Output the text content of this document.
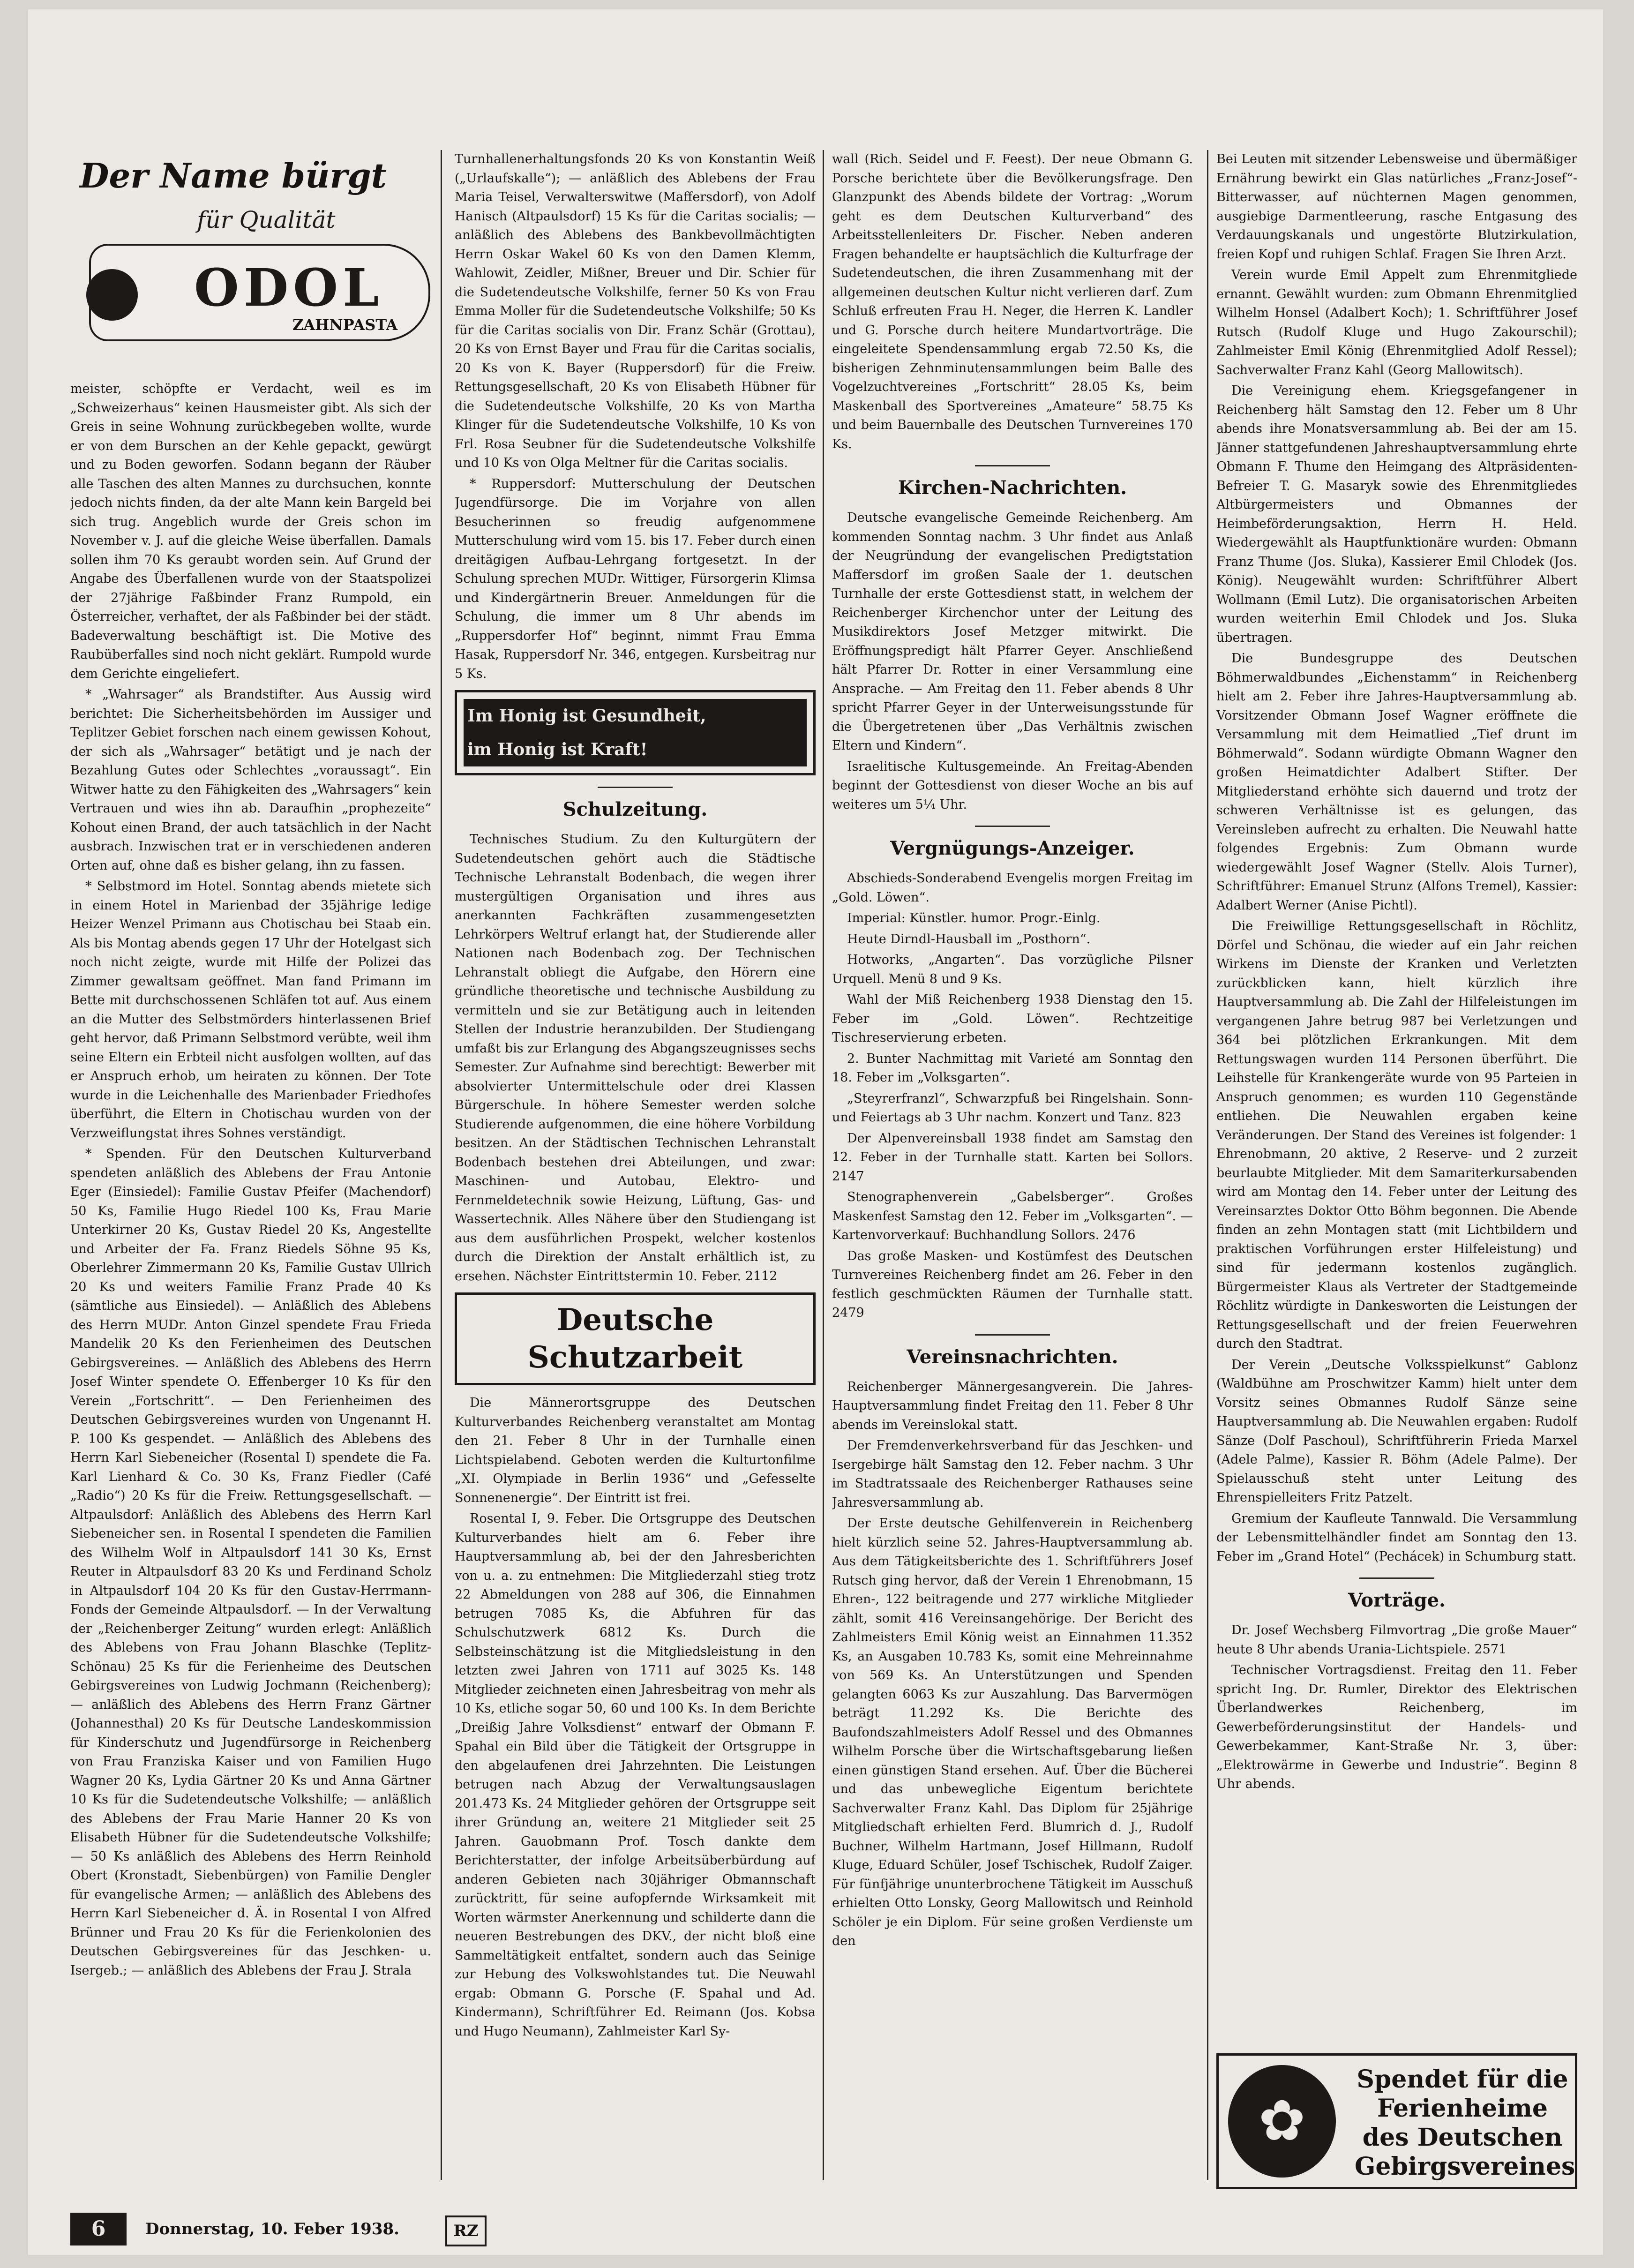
Der Name bürgt
für Qualität
ODOL
ZAHNPASTA

meister, schöpfte er Verdacht, weil es im „Schweizerhaus“ keinen Hausmeister gibt. Als sich der Greis in seine Wohnung zurückbegeben wollte, wurde er von dem Burschen an der Kehle gepackt, gewürgt und zu Boden geworfen. Sodann begann der Räuber alle Taschen des alten Mannes zu durchsuchen, konnte jedoch nichts finden, da der alte Mann kein Bargeld bei sich trug. Angeblich wurde der Greis schon im November v. J. auf die gleiche Weise überfallen. Damals sollen ihm 70 Ks geraubt worden sein. Auf Grund der Angabe des Überfallenen wurde von der Staatspolizei der 27jährige Faßbinder Franz Rumpold, ein Österreicher, verhaftet, der als Faßbinder bei der städt. Badeverwaltung beschäftigt ist. Die Motive des Raubüberfalles sind noch nicht geklärt. Rumpold wurde dem Gerichte eingeliefert.

* „Wahrsager“ als Brandstifter. Aus Aussig wird berichtet: Die Sicherheitsbehörden im Aussiger und Teplitzer Gebiet forschen nach einem gewissen Kohout, der sich als „Wahrsager“ betätigt und je nach der Bezahlung Gutes oder Schlechtes „voraussagt“. Ein Witwer hatte zu den Fähigkeiten des „Wahrsagers“ kein Vertrauen und wies ihn ab. Daraufhin „prophezeite“ Kohout einen Brand, der auch tatsächlich in der Nacht ausbrach. Inzwischen trat er in verschiedenen anderen Orten auf, ohne daß es bisher gelang, ihn zu fassen.

* Selbstmord im Hotel. Sonntag abends mietete sich in einem Hotel in Marienbad der 35jährige ledige Heizer Wenzel Primann aus Chotischau bei Staab ein. Als bis Montag abends gegen 17 Uhr der Hotelgast sich noch nicht zeigte, wurde mit Hilfe der Polizei das Zimmer gewaltsam geöffnet. Man fand Primann im Bette mit durchschossenen Schläfen tot auf. Aus einem an die Mutter des Selbstmörders hinterlassenen Brief geht hervor, daß Primann Selbstmord verübte, weil ihm seine Eltern ein Erbteil nicht ausfolgen wollten, auf das er Anspruch erhob, um heiraten zu können. Der Tote wurde in die Leichenhalle des Marienbader Friedhofes überführt, die Eltern in Chotischau wurden von der Verzweiflungstat ihres Sohnes verständigt.

* Spenden. Für den Deutschen Kulturverband spendeten anläßlich des Ablebens der Frau Antonie Eger (Einsiedel): Familie Gustav Pfeifer (Machendorf) 50 Ks, Familie Hugo Riedel 100 Ks, Frau Marie Unterkirner 20 Ks, Gustav Riedel 20 Ks, Angestellte und Arbeiter der Fa. Franz Riedels Söhne 95 Ks, Oberlehrer Zimmermann 20 Ks, Familie Gustav Ullrich 20 Ks und weiters Familie Franz Prade 40 Ks (sämtliche aus Einsiedel). — Anläßlich des Ablebens des Herrn MUDr. Anton Ginzel spendete Frau Frieda Mandelik 20 Ks den Ferienheimen des Deutschen Gebirgsvereines. — Anläßlich des Ablebens des Herrn Josef Winter spendete O. Effenberger 10 Ks für den Verein „Fortschritt“. — Den Ferienheimen des Deutschen Gebirgsvereines wurden von Ungenannt H. P. 100 Ks gespendet. — Anläßlich des Ablebens des Herrn Karl Siebeneicher (Rosental I) spendete die Fa. Karl Lienhard & Co. 30 Ks, Franz Fiedler (Café „Radio“) 20 Ks für die Freiw. Rettungsgesellschaft. — Altpaulsdorf: Anläßlich des Ablebens des Herrn Karl Siebeneicher sen. in Rosental I spendeten die Familien des Wilhelm Wolf in Altpaulsdorf 141 30 Ks, Ernst Reuter in Altpaulsdorf 83 20 Ks und Ferdinand Scholz in Altpaulsdorf 104 20 Ks für den Gustav-Herrmann-Fonds der Gemeinde Altpaulsdorf. — In der Verwaltung der „Reichenberger Zeitung“ wurden erlegt: Anläßlich des Ablebens von Frau Johann Blaschke (Teplitz-Schönau) 25 Ks für die Ferienheime des Deutschen Gebirgsvereines von Ludwig Jochmann (Reichenberg); — anläßlich des Ablebens des Herrn Franz Gärtner (Johannesthal) 20 Ks für Deutsche Landeskommission für Kinderschutz und Jugendfürsorge in Reichenberg von Frau Franziska Kaiser und von Familien Hugo Wagner 20 Ks, Lydia Gärtner 20 Ks und Anna Gärtner 10 Ks für die Sudetendeutsche Volkshilfe; — anläßlich des Ablebens der Frau Marie Hanner 20 Ks von Elisabeth Hübner für die Sudetendeutsche Volkshilfe; — 50 Ks anläßlich des Ablebens des Herrn Reinhold Obert (Kronstadt, Siebenbürgen) von Familie Dengler für evangelische Armen; — anläßlich des Ablebens des Herrn Karl Siebeneicher d. Ä. in Rosental I von Alfred Brünner und Frau 20 Ks für die Ferienkolonien des Deutschen Gebirgsvereines für das Jeschken- u. Isergeb.; — anläßlich des Ablebens der Frau J. Strala

Turnhallenerhaltungsfonds 20 Ks von Konstantin Weiß („Urlaufskalle“); — anläßlich des Ablebens der Frau Maria Teisel, Verwalterswitwe (Maffersdorf), von Adolf Hanisch (Altpaulsdorf) 15 Ks für die Caritas socialis; — anläßlich des Ablebens des Bankbevollmächtigten Herrn Oskar Wakel 60 Ks von den Damen Klemm, Wahlowit, Zeidler, Mißner, Breuer und Dir. Schier für die Sudetendeutsche Volkshilfe, ferner 50 Ks von Frau Emma Moller für die Sudetendeutsche Volkshilfe; 50 Ks für die Caritas socialis von Dir. Franz Schär (Grottau), 20 Ks von Ernst Bayer und Frau für die Caritas socialis, 20 Ks von K. Bayer (Ruppersdorf) für die Freiw. Rettungsgesellschaft, 20 Ks von Elisabeth Hübner für die Sudetendeutsche Volkshilfe, 20 Ks von Martha Klinger für die Sudetendeutsche Volkshilfe, 10 Ks von Frl. Rosa Seubner für die Sudetendeutsche Volkshilfe und 10 Ks von Olga Meltner für die Caritas socialis.

* Ruppersdorf: Mutterschulung der Deutschen Jugendfürsorge. Die im Vorjahre von allen Besucherinnen so freudig aufgenommene Mutterschulung wird vom 15. bis 17. Feber durch einen dreitägigen Aufbau-Lehrgang fortgesetzt. In der Schulung sprechen MUDr. Wittiger, Fürsorgerin Klimsa und Kindergärtnerin Breuer. Anmeldungen für die Schulung, die immer um 8 Uhr abends im „Ruppersdorfer Hof“ beginnt, nimmt Frau Emma Hasak, Ruppersdorf Nr. 346, entgegen. Kursbeitrag nur 5 Ks.

Im Honig ist Gesundheit,
im Honig ist Kraft!
Schulzeitung.

Technisches Studium. Zu den Kulturgütern der Sudetendeutschen gehört auch die Städtische Technische Lehranstalt Bodenbach, die wegen ihrer mustergültigen Organisation und ihres aus anerkannten Fachkräften zusammengesetzten Lehrkörpers Weltruf erlangt hat, der Studierende aller Nationen nach Bodenbach zog. Der Technischen Lehranstalt obliegt die Aufgabe, den Hörern eine gründliche theoretische und technische Ausbildung zu vermitteln und sie zur Betätigung auch in leitenden Stellen der Industrie heranzubilden. Der Studiengang umfaßt bis zur Erlangung des Abgangszeugnisses sechs Semester. Zur Aufnahme sind berechtigt: Bewerber mit absolvierter Untermittelschule oder drei Klassen Bürgerschule. In höhere Semester werden solche Studierende aufgenommen, die eine höhere Vorbildung besitzen. An der Städtischen Technischen Lehranstalt Bodenbach bestehen drei Abteilungen, und zwar: Maschinen- und Autobau, Elektro- und Fernmeldetechnik sowie Heizung, Lüftung, Gas- und Wassertechnik. Alles Nähere über den Studiengang ist aus dem ausführlichen Prospekt, welcher kostenlos durch die Direktion der Anstalt erhältlich ist, zu ersehen. Nächster Eintrittstermin 10. Feber. 2112

Deutsche Schutzarbeit

Die Männerortsgruppe des Deutschen Kulturverbandes Reichenberg veranstaltet am Montag den 21. Feber 8 Uhr in der Turnhalle einen Lichtspielabend. Geboten werden die Kulturtonfilme „XI. Olympiade in Berlin 1936“ und „Gefesselte Sonnenenergie“. Der Eintritt ist frei.

Rosental I, 9. Feber. Die Ortsgruppe des Deutschen Kulturverbandes hielt am 6. Feber ihre Hauptversammlung ab, bei der den Jahresberichten von u. a. zu entnehmen: Die Mitgliederzahl stieg trotz 22 Abmeldungen von 288 auf 306, die Einnahmen betrugen 7085 Ks, die Abfuhren für das Schulschutzwerk 6812 Ks. Durch die Selbsteinschätzung ist die Mitgliedsleistung in den letzten zwei Jahren von 1711 auf 3025 Ks. 148 Mitglieder zeichneten einen Jahresbeitrag von mehr als 10 Ks, etliche sogar 50, 60 und 100 Ks. In dem Berichte „Dreißig Jahre Volksdienst“ entwarf der Obmann F. Spahal ein Bild über die Tätigkeit der Ortsgruppe in den abgelaufenen drei Jahrzehnten. Die Leistungen betrugen nach Abzug der Verwaltungsauslagen 201.473 Ks. 24 Mitglieder gehören der Ortsgruppe seit ihrer Gründung an, weitere 21 Mitglieder seit 25 Jahren. Gauobmann Prof. Tosch dankte dem Berichterstatter, der infolge Arbeitsüberbürdung auf anderen Gebieten nach 30jähriger Obmannschaft zurücktritt, für seine aufopfernde Wirksamkeit mit Worten wärmster Anerkennung und schilderte dann die neueren Bestrebungen des DKV., der nicht bloß eine Sammeltätigkeit entfaltet, sondern auch das Seinige zur Hebung des Volkswohlstandes tut. Die Neuwahl ergab: Obmann G. Porsche (F. Spahal und Ad. Kindermann), Schriftführer Ed. Reimann (Jos. Kobsa und Hugo Neumann), Zahlmeister Karl Sy-

wall (Rich. Seidel und F. Feest). Der neue Obmann G. Porsche berichtete über die Bevölkerungsfrage. Den Glanzpunkt des Abends bildete der Vortrag: „Worum geht es dem Deutschen Kulturverband“ des Arbeitsstellenleiters Dr. Fischer. Neben anderen Fragen behandelte er hauptsächlich die Kulturfrage der Sudetendeutschen, die ihren Zusammenhang mit der allgemeinen deutschen Kultur nicht verlieren darf. Zum Schluß erfreuten Frau H. Neger, die Herren K. Landler und G. Porsche durch heitere Mundartvorträge. Die eingeleitete Spendensammlung ergab 72.50 Ks, die bisherigen Zehnminutensammlungen beim Balle des Vogelzuchtvereines „Fortschritt“ 28.05 Ks, beim Maskenball des Sportvereines „Amateure“ 58.75 Ks und beim Bauernballe des Deutschen Turnvereines 170 Ks.

Kirchen-Nachrichten.

Deutsche evangelische Gemeinde Reichenberg. Am kommenden Sonntag nachm. 3 Uhr findet aus Anlaß der Neugründung der evangelischen Predigtstation Maffersdorf im großen Saale der 1. deutschen Turnhalle der erste Gottesdienst statt, in welchem der Reichenberger Kirchenchor unter der Leitung des Musikdirektors Josef Metzger mitwirkt. Die Eröffnungspredigt hält Pfarrer Geyer. Anschließend hält Pfarrer Dr. Rotter in einer Versammlung eine Ansprache. — Am Freitag den 11. Feber abends 8 Uhr spricht Pfarrer Geyer in der Unterweisungsstunde für die Übergetretenen über „Das Verhältnis zwischen Eltern und Kindern“.

Israelitische Kultusgemeinde. An Freitag-Abenden beginnt der Gottesdienst von dieser Woche an bis auf weiteres um 5¼ Uhr.

Vergnügungs-Anzeiger.

Abschieds-Sonderabend Evengelis morgen Freitag im „Gold. Löwen“.

Imperial: Künstler. humor. Progr.-Einlg.

Heute Dirndl-Hausball im „Posthorn“.

Hotworks, „Angarten“. Das vorzügliche Pilsner Urquell. Menü 8 und 9 Ks.

Wahl der Miß Reichenberg 1938 Dienstag den 15. Feber im „Gold. Löwen“. Rechtzeitige Tischreservierung erbeten.

2. Bunter Nachmittag mit Varieté am Sonntag den 18. Feber im „Volksgarten“.

„Steyrerfranzl“, Schwarzpfuß bei Ringelshain. Sonn- und Feiertags ab 3 Uhr nachm. Konzert und Tanz. 823

Der Alpenvereinsball 1938 findet am Samstag den 12. Feber in der Turnhalle statt. Karten bei Sollors. 2147

Stenographenverein „Gabelsberger“. Großes Maskenfest Samstag den 12. Feber im „Volksgarten“. — Kartenvorverkauf: Buchhandlung Sollors. 2476

Das große Masken- und Kostümfest des Deutschen Turnvereines Reichenberg findet am 26. Feber in den festlich geschmückten Räumen der Turnhalle statt. 2479

Vereinsnachrichten.

Reichenberger Männergesangverein. Die Jahres-Hauptversammlung findet Freitag den 11. Feber 8 Uhr abends im Vereinslokal statt.

Der Fremdenverkehrsverband für das Jeschken- und Isergebirge hält Samstag den 12. Feber nachm. 3 Uhr im Stadtratssaale des Reichenberger Rathauses seine Jahresversammlung ab.

Der Erste deutsche Gehilfenverein in Reichenberg hielt kürzlich seine 52. Jahres-Hauptversammlung ab. Aus dem Tätigkeitsberichte des 1. Schriftführers Josef Rutsch ging hervor, daß der Verein 1 Ehrenobmann, 15 Ehren-, 122 beitragende und 277 wirkliche Mitglieder zählt, somit 416 Vereinsangehörige. Der Bericht des Zahlmeisters Emil König weist an Einnahmen 11.352 Ks, an Ausgaben 10.783 Ks, somit eine Mehreinnahme von 569 Ks. An Unterstützungen und Spenden gelangten 6063 Ks zur Auszahlung. Das Barvermögen beträgt 11.292 Ks. Die Berichte des Baufondszahlmeisters Adolf Ressel und des Obmannes Wilhelm Porsche über die Wirtschaftsgebarung ließen einen günstigen Stand ersehen. Auf. Über die Bücherei und das unbewegliche Eigentum berichtete Sachverwalter Franz Kahl. Das Diplom für 25jährige Mitgliedschaft erhielten Ferd. Blumrich d. J., Rudolf Buchner, Wilhelm Hartmann, Josef Hillmann, Rudolf Kluge, Eduard Schüler, Josef Tschischek, Rudolf Zaiger. Für fünfjährige ununterbrochene Tätigkeit im Ausschuß erhielten Otto Lonsky, Georg Mallowitsch und Reinhold Schöler je ein Diplom. Für seine großen Verdienste um den

Bei Leuten mit sitzender Lebensweise und übermäßiger Ernährung bewirkt ein Glas natürliches „Franz-Josef“-Bitterwasser, auf nüchternen Magen genommen, ausgiebige Darmentleerung, rasche Entgasung des Verdauungskanals und ungestörte Blutzirkulation, freien Kopf und ruhigen Schlaf. Fragen Sie Ihren Arzt.

Verein wurde Emil Appelt zum Ehrenmitgliede ernannt. Gewählt wurden: zum Obmann Ehrenmitglied Wilhelm Honsel (Adalbert Koch); 1. Schriftführer Josef Rutsch (Rudolf Kluge und Hugo Zakourschil); Zahlmeister Emil König (Ehrenmitglied Adolf Ressel); Sachverwalter Franz Kahl (Georg Mallowitsch).

Die Vereinigung ehem. Kriegsgefangener in Reichenberg hält Samstag den 12. Feber um 8 Uhr abends ihre Monatsversammlung ab. Bei der am 15. Jänner stattgefundenen Jahreshauptversammlung ehrte Obmann F. Thume den Heimgang des Altpräsidenten-Befreier T. G. Masaryk sowie des Ehrenmitgliedes Altbürgermeisters und Obmannes der Heimbeförderungsaktion, Herrn H. Held. Wiedergewählt als Hauptfunktionäre wurden: Obmann Franz Thume (Jos. Sluka), Kassierer Emil Chlodek (Jos. König). Neugewählt wurden: Schriftführer Albert Wollmann (Emil Lutz). Die organisatorischen Arbeiten wurden weiterhin Emil Chlodek und Jos. Sluka übertragen.

Die Bundesgruppe des Deutschen Böhmerwaldbundes „Eichenstamm“ in Reichenberg hielt am 2. Feber ihre Jahres-Hauptversammlung ab. Vorsitzender Obmann Josef Wagner eröffnete die Versammlung mit dem Heimatlied „Tief drunt im Böhmerwald“. Sodann würdigte Obmann Wagner den großen Heimatdichter Adalbert Stifter. Der Mitgliederstand erhöhte sich dauernd und trotz der schweren Verhältnisse ist es gelungen, das Vereinsleben aufrecht zu erhalten. Die Neuwahl hatte folgendes Ergebnis: Zum Obmann wurde wiedergewählt Josef Wagner (Stellv. Alois Turner), Schriftführer: Emanuel Strunz (Alfons Tremel), Kassier: Adalbert Werner (Anise Pichtl).

Die Freiwillige Rettungsgesellschaft in Röchlitz, Dörfel und Schönau, die wieder auf ein Jahr reichen Wirkens im Dienste der Kranken und Verletzten zurückblicken kann, hielt kürzlich ihre Hauptversammlung ab. Die Zahl der Hilfeleistungen im vergangenen Jahre betrug 987 bei Verletzungen und 364 bei plötzlichen Erkrankungen. Mit dem Rettungswagen wurden 114 Personen überführt. Die Leihstelle für Krankengeräte wurde von 95 Parteien in Anspruch genommen; es wurden 110 Gegenstände entliehen. Die Neuwahlen ergaben keine Veränderungen. Der Stand des Vereines ist folgender: 1 Ehrenobmann, 20 aktive, 2 Reserve- und 2 zurzeit beurlaubte Mitglieder. Mit dem Samariterkursabenden wird am Montag den 14. Feber unter der Leitung des Vereinsarztes Doktor Otto Böhm begonnen. Die Abende finden an zehn Montagen statt (mit Lichtbildern und praktischen Vorführungen erster Hilfeleistung) und sind für jedermann kostenlos zugänglich. Bürgermeister Klaus als Vertreter der Stadtgemeinde Röchlitz würdigte in Dankesworten die Leistungen der Rettungsgesellschaft und der freien Feuerwehren durch den Stadtrat.

Der Verein „Deutsche Volksspielkunst“ Gablonz (Waldbühne am Proschwitzer Kamm) hielt unter dem Vorsitz seines Obmannes Rudolf Sänze seine Hauptversammlung ab. Die Neuwahlen ergaben: Rudolf Sänze (Dolf Paschoul), Schriftführerin Frieda Marxel (Adele Palme), Kassier R. Böhm (Adele Palme). Der Spielausschuß steht unter Leitung des Ehrenspielleiters Fritz Patzelt.

Gremium der Kaufleute Tannwald. Die Versammlung der Lebensmittelhändler findet am Sonntag den 13. Feber im „Grand Hotel“ (Pechácek) in Schumburg statt.

Vorträge.

Dr. Josef Wechsberg Filmvortrag „Die große Mauer“ heute 8 Uhr abends Urania-Lichtspiele. 2571

Technischer Vortragsdienst. Freitag den 11. Feber spricht Ing. Dr. Rumler, Direktor des Elektrischen Überlandwerkes Reichenberg, im Gewerbeförderungsinstitut der Handels- und Gewerbekammer, Kant-Straße Nr. 3, über: „Elektrowärme in Gewerbe und Industrie“. Beginn 8 Uhr abends.

✿
Spendet für die Ferienheime des Deutschen Gebirgsvereines
6	Donnerstag, 10. Feber 1938.	RZ
